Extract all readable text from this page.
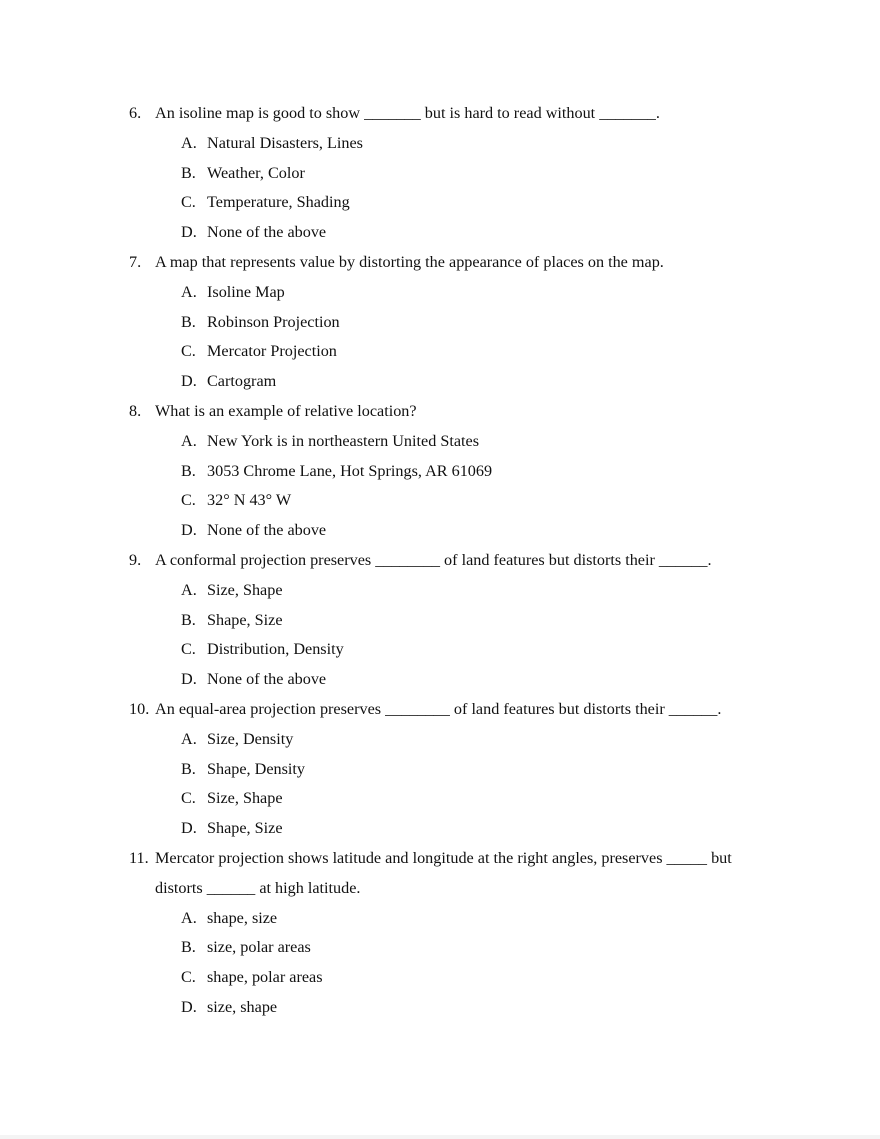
6. An isoline map is good to show _______ but is hard to read without _______.
A. Natural Disasters, Lines
B. Weather, Color
C. Temperature, Shading
D. None of the above
7. A map that represents value by distorting the appearance of places on the map.
A. Isoline Map
B. Robinson Projection
C. Mercator Projection
D. Cartogram
8. What is an example of relative location?
A. New York is in northeastern United States
B. 3053 Chrome Lane, Hot Springs, AR 61069
C. 32° N 43° W
D. None of the above
9. A conformal projection preserves ________ of land features but distorts their ______.
A. Size, Shape
B. Shape, Size
C. Distribution, Density
D. None of the above
10. An equal-area projection preserves ________ of land features but distorts their ______.
A. Size, Density
B. Shape, Density
C. Size, Shape
D. Shape, Size
11. Mercator projection shows latitude and longitude at the right angles, preserves _____ but
distorts ______ at high latitude.
A. shape, size
B. size, polar areas
C. shape, polar areas
D. size, shape
